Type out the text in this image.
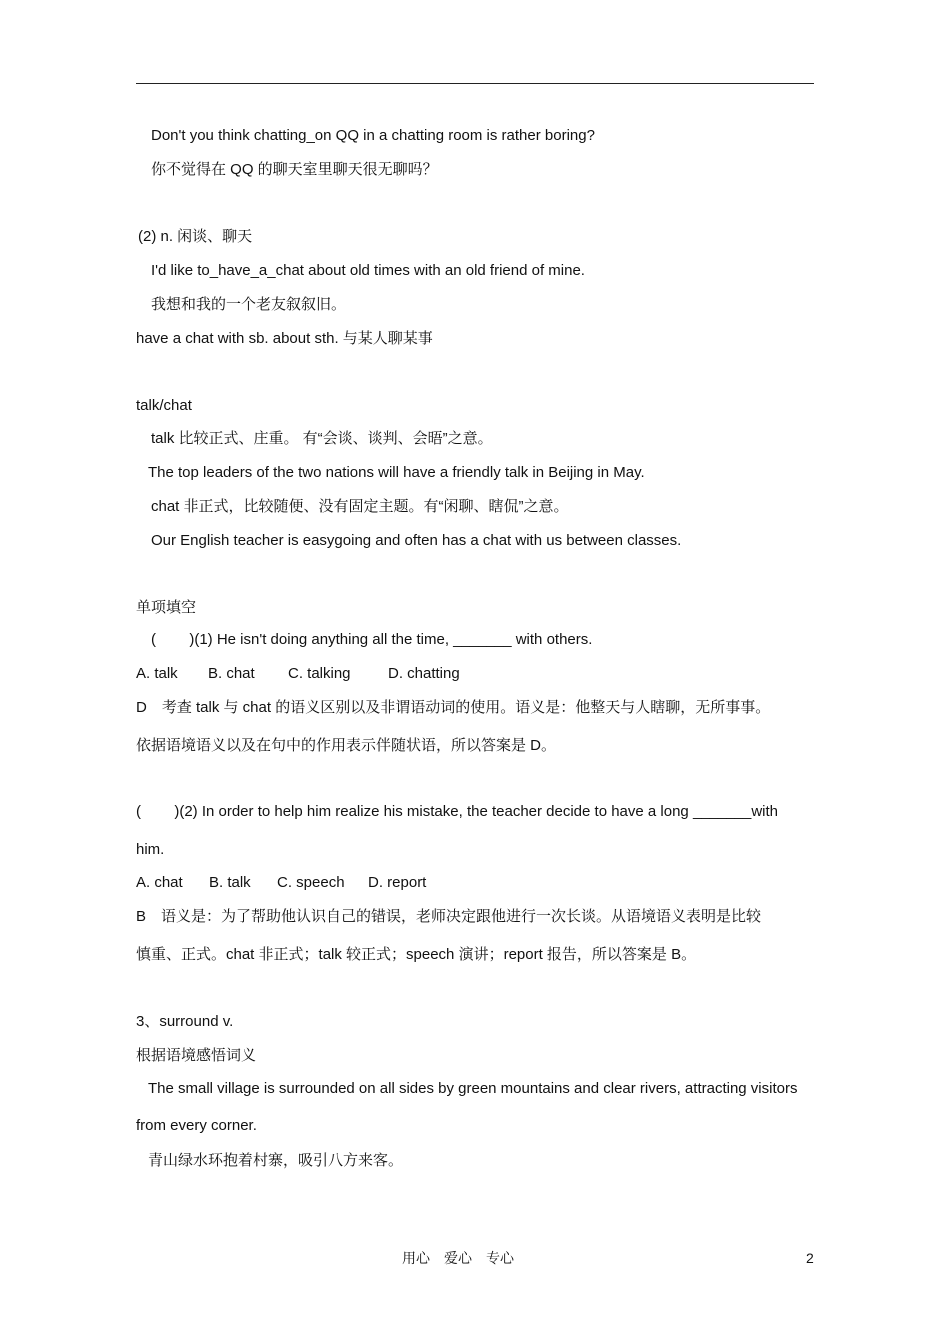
Don't you think chatting_on QQ in a chatting room is rather boring?
你不觉得在 QQ 的聊天室里聊天很无聊吗？
(2) n. 闲谈、聊天
I'd like to_have_a_chat about old times with an old friend of mine.
我想和我的一个老友叙叙旧。
have a chat with sb. about sth. 与某人聊某事
talk/chat
talk 比较正式、庄重。 有“会谈、谈判、会晤”之意。
The top leaders of the two nations will have a friendly talk in Beijing in May.
chat 非正式，比较随便、没有固定主题。有“闲聊、瞎侃”之意。
Our English teacher is easygoing and often has a chat with us between classes.
单项填空
(        )(1) He isn't doing anything all the time, _______ with others.
A. talk B. chat C. talking D. chatting
D　考查 talk 与 chat 的语义区别以及非谓语动词的使用。语义是：他整天与人瞎聊，无所事事。
依据语境语义以及在句中的作用表示伴随状语，所以答案是 D。
(        )(2) In order to help him realize his mistake, the teacher decide to have a long _______with
him.
A. chat B. talk C. speech D. report
B　语义是：为了帮助他认识自己的错误，老师决定跟他进行一次长谈。从语境语义表明是比较
慎重、正式。chat 非正式；talk 较正式；speech 演讲；report 报告，所以答案是 B。
3、surround v.
根据语境感悟词义
The small village is surrounded on all sides by green mountains and clear rivers, attracting visitors
from every corner.
青山绿水环抱着村寨，吸引八方来客。
用心　爱心　专心	2
